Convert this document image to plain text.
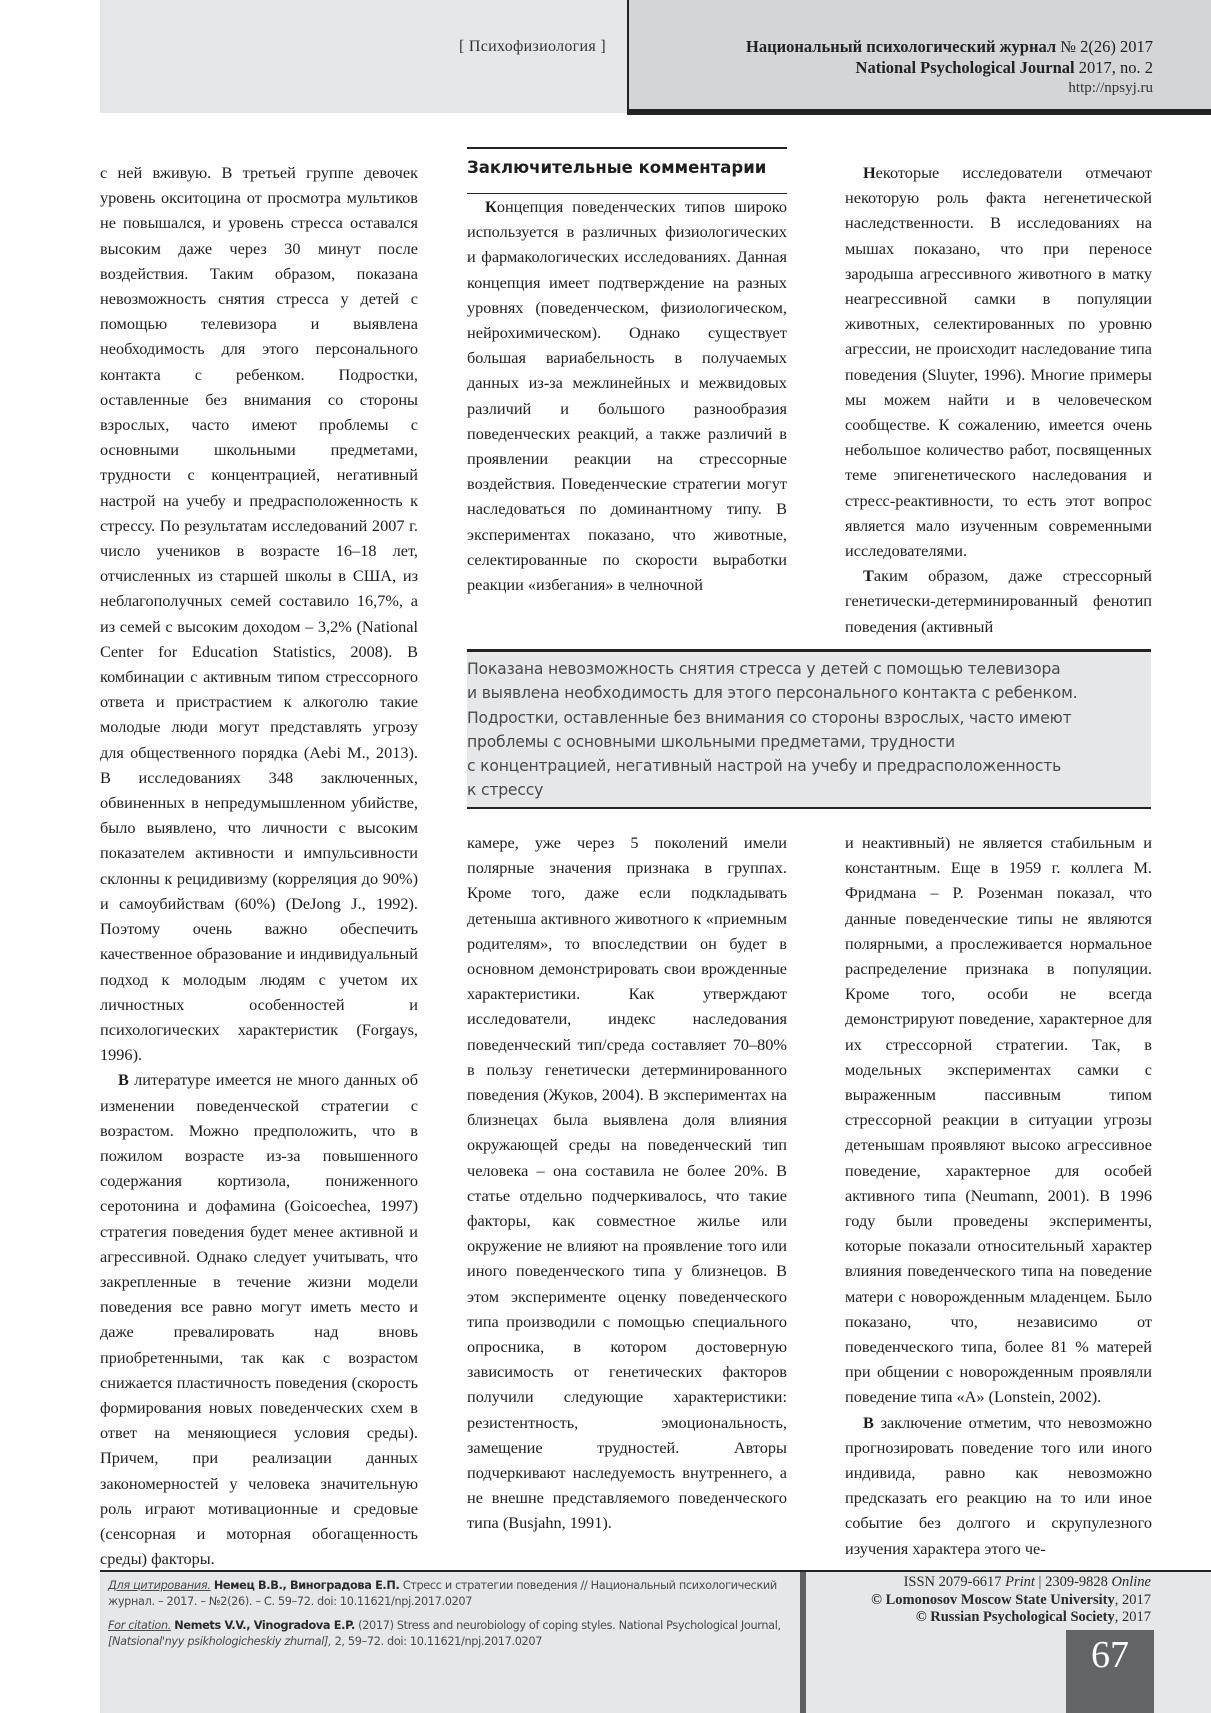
[ Психофизиология ]	Национальный психологический журнал № 2(26) 2017
National Psychological Journal 2017, no. 2
http://npsyj.ru

с ней вживую. В третьей группе девочек уровень окситоцина от просмотра мультиков не повышался, и уровень стресса оставался высоким даже через 30 минут после воздействия. Таким образом, показана невозможность снятия стресса у детей с помощью телевизора и выявлена необходимость для этого персонального контакта с ребенком. Подростки, оставленные без внимания со стороны взрослых, часто имеют проблемы с основными школьными предметами, трудности с концентрацией, негативный настрой на учебу и предрасположенность к стрессу. По результатам исследований 2007 г. число учеников в возрасте 16–18 лет, отчисленных из старшей школы в США, из неблагополучных семей составило 16,7%, а из семей с высоким доходом – 3,2% (National Center for Education Statistics, 2008). В комбинации с активным типом стрессорного ответа и пристрастием к алкоголю такие молодые люди могут представлять угрозу для общественного порядка (Aebi M., 2013). В исследованиях 348 заключенных, обвиненных в непредумышленном убийстве, было выявлено, что личности с высоким показателем активности и импульсивности склонны к рецидивизму (корреляция до 90%) и самоубийствам (60%) (DeJong J., 1992). Поэтому очень важно обеспечить качественное образование и индивидуальный подход к молодым людям с учетом их личностных особенностей и психологических характеристик (Forgays, 1996).

В литературе имеется не много данных об изменении поведенческой стратегии с возрастом. Можно предположить, что в пожилом возрасте из-за повышенного содержания кортизола, пониженного серотонина и дофамина (Goicoechea, 1997) стратегия поведения будет менее активной и агрессивной. Однако следует учитывать, что закрепленные в течение жизни модели поведения все равно могут иметь место и даже превалировать над вновь приобретенными, так как с возрастом снижается пластичность поведения (скорость формирования новых поведенческих схем в ответ на меняющиеся условия среды). Причем, при реализации данных закономерностей у человека значительную роль играют мотивационные и средовые (сенсорная и моторная обогащенность среды) факторы.

Заключительные комментарии

Концепция поведенческих типов широко используется в различных физиологических и фармакологических исследованиях. Данная концепция имеет подтверждение на разных уровнях (поведенческом, физиологическом, нейрохимическом). Однако существует большая вариабельность в получаемых данных из-за межлинейных и межвидовых различий и большого разнообразия поведенческих реакций, а также различий в проявлении реакции на стрессорные воздействия. Поведенческие стратегии могут наследоваться по доминантному типу. В экспериментах показано, что животные, селектированные по скорости выработки реакции «избегания» в челночной

Некоторые исследователи отмечают некоторую роль факта негенетической наследственности. В исследованиях на мышах показано, что при переносе зародыша агрессивного животного в матку неагрессивной самки в популяции животных, селектированных по уровню агрессии, не происходит наследование типа поведения (Sluyter, 1996). Многие примеры мы можем найти и в человеческом сообществе. К сожалению, имеется очень небольшое количество работ, посвященных теме эпигенетического наследования и стресс-реактивности, то есть этот вопрос является мало изученным современными исследователями.

Таким образом, даже стрессорный генетически-детерминированный фенотип поведения (активный

Показана невозможность снятия стресса у детей с помощью телевизора
и выявлена необходимость для этого персонального контакта с ребенком.
Подростки, оставленные без внимания со стороны взрослых, часто имеют
проблемы с основными школьными предметами, трудности
с концентрацией, негативный настрой на учебу и предрасположенность
к стрессу

камере, уже через 5 поколений имели полярные значения признака в группах. Кроме того, даже если подкладывать детеныша активного животного к «приемным родителям», то впоследствии он будет в основном демонстрировать свои врожденные характеристики. Как утверждают исследователи, индекс наследования поведенческий тип/среда составляет 70–80% в пользу генетически детерминированного поведения (Жуков, 2004). В экспериментах на близнецах была выявлена доля влияния окружающей среды на поведенческий тип человека – она составила не более 20%. В статье отдельно подчеркивалось, что такие факторы, как совместное жилье или окружение не влияют на проявление того или иного поведенческого типа у близнецов. В этом эксперименте оценку поведенческого типа производили с помощью специального опросника, в котором достоверную зависимость от генетических факторов получили следующие характеристики: резистентность, эмоциональность, замещение трудностей. Авторы подчеркивают наследуемость внутреннего, а не внешне представляемого поведенческого типа (Busjahn, 1991).

и неактивный) не является стабильным и константным. Еще в 1959 г. коллега М. Фридмана – Р. Розенман показал, что данные поведенческие типы не являются полярными, а прослеживается нормальное распределение признака в популяции. Кроме того, особи не всегда демонстрируют поведение, характерное для их стрессорной стратегии. Так, в модельных экспериментах самки с выраженным пассивным типом стрессорной реакции в ситуации угрозы детенышам проявляют высоко агрессивное поведение, характерное для особей активного типа (Neumann, 2001). В 1996 году были проведены эксперименты, которые показали относительный характер влияния поведенческого типа на поведение матери с новорожденным младенцем. Было показано, что, независимо от поведенческого типа, более 81 % матерей при общении с новорожденным проявляли поведение типа «А» (Lonstein, 2002).

В заключение отметим, что невозможно прогнозировать поведение того или иного индивида, равно как невозможно предсказать его реакцию на то или иное событие без долгого и скрупулезного изучения характера этого че-

Для цитирования. Немец В.В., Виноградова Е.П. Стресс и стратегии поведения // Национальный психологический журнал. – 2017. – №2(26). – С. 59–72. doi: 10.11621/npj.2017.0207
For citation. Nemets V.V., Vinogradova E.P. (2017) Stress and neurobiology of coping styles. National Psychological Journal, [Natsional'nyy psikhologicheskiy zhurnal], 2, 59–72. doi: 10.11621/npj.2017.0207
ISSN 2079-6617 Print | 2309-9828 Online
© Lomonosov Moscow State University, 2017
© Russian Psychological Society, 2017
67
